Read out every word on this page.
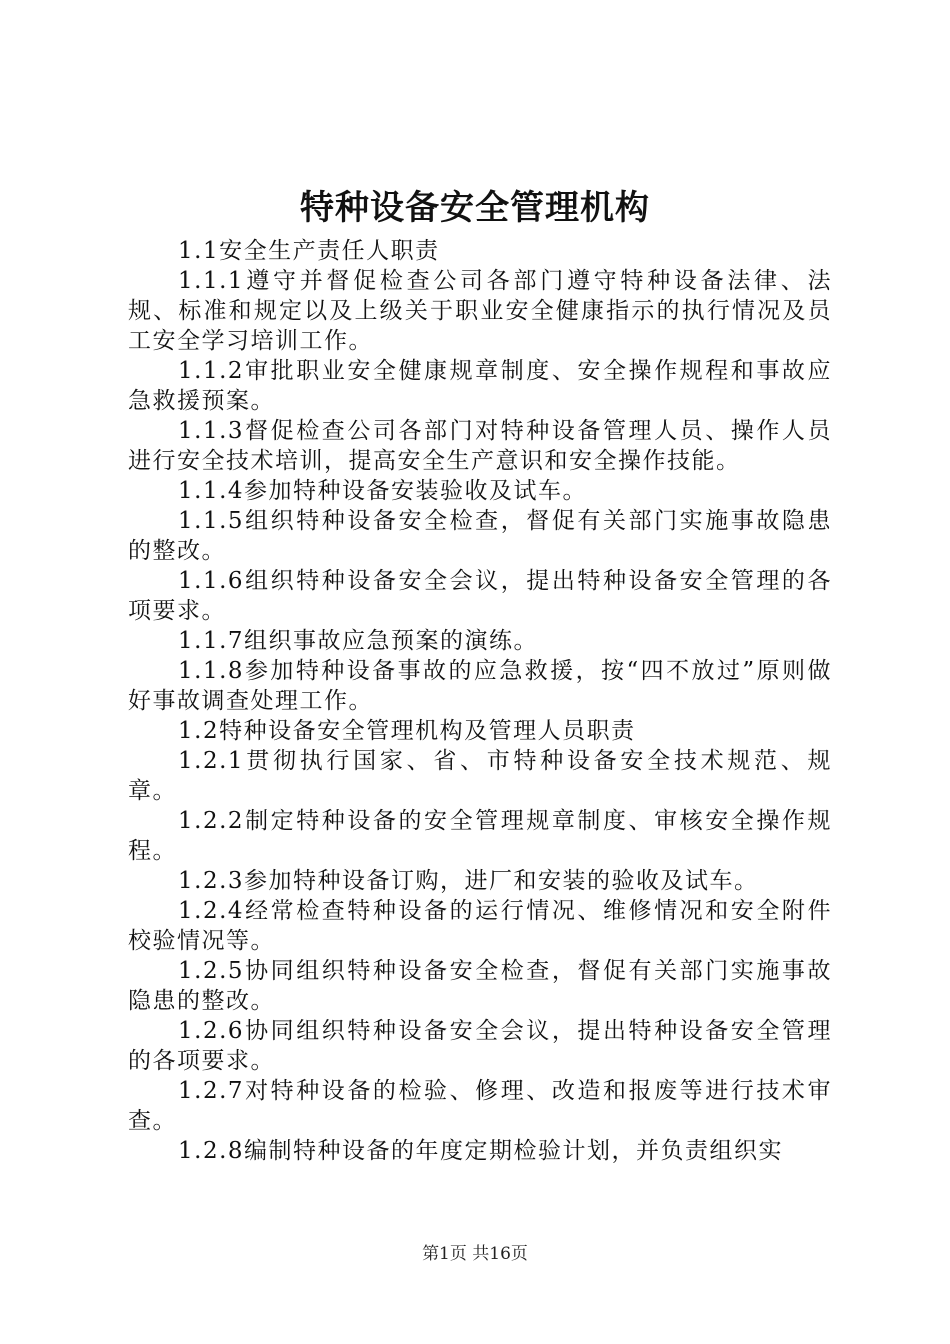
特种设备安全管理机构

1.1安全生产责任人职责

1.1.1遵守并督促检查公司各部门遵守特种设备法律、法规、标准和规定以及上级关于职业安全健康指示的执行情况及员工安全学习培训工作。

1.1.2审批职业安全健康规章制度、安全操作规程和事故应急救援预案。

1.1.3督促检查公司各部门对特种设备管理人员、操作人员进行安全技术培训，提高安全生产意识和安全操作技能。

1.1.4参加特种设备安装验收及试车。

1.1.5组织特种设备安全检查，督促有关部门实施事故隐患的整改。

1.1.6组织特种设备安全会议，提出特种设备安全管理的各项要求。

1.1.7组织事故应急预案的演练。

1.1.8参加特种设备事故的应急救援，按“四不放过”原则做好事故调查处理工作。

1.2特种设备安全管理机构及管理人员职责

1.2.1贯彻执行国家、省、市特种设备安全技术规范、规章。

1.2.2制定特种设备的安全管理规章制度、审核安全操作规程。

1.2.3参加特种设备订购，进厂和安装的验收及试车。

1.2.4经常检查特种设备的运行情况、维修情况和安全附件校验情况等。

1.2.5协同组织特种设备安全检查，督促有关部门实施事故隐患的整改。

1.2.6协同组织特种设备安全会议，提出特种设备安全管理的各项要求。

1.2.7对特种设备的检验、修理、改造和报废等进行技术审查。

1.2.8编制特种设备的年度定期检验计划，并负责组织实

第1页 共16页
